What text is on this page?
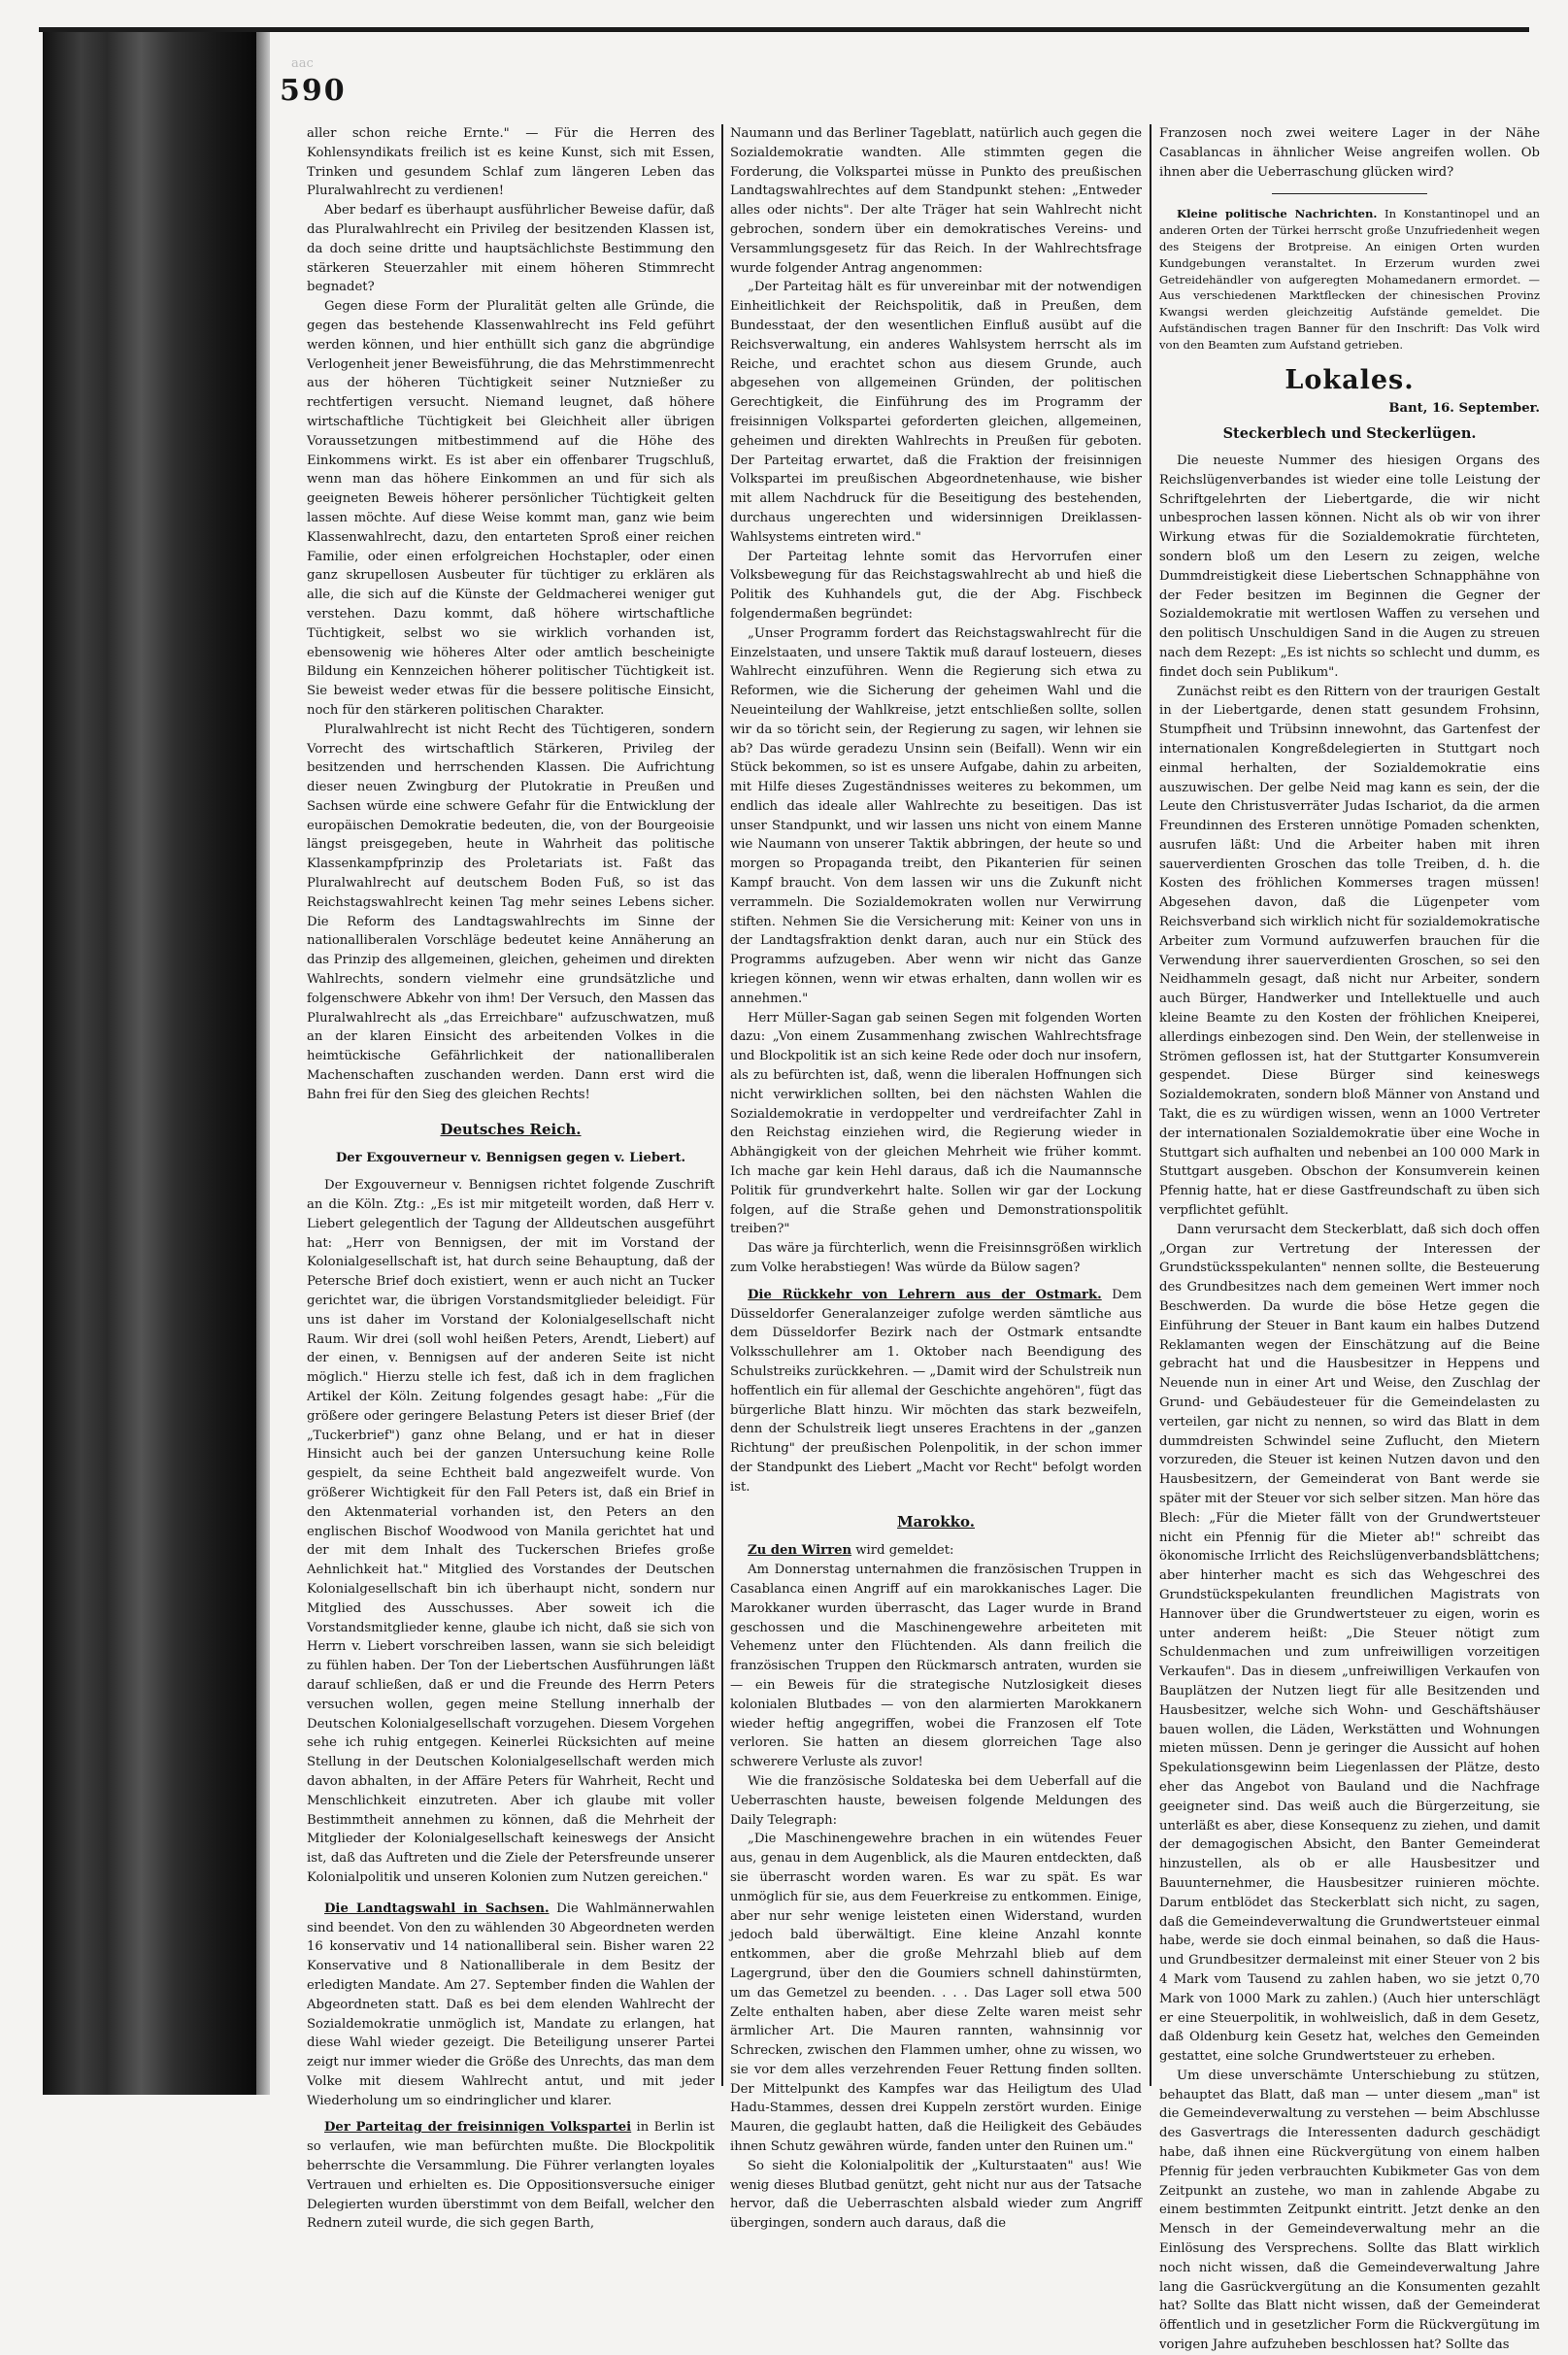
aac
590

aller schon reiche Ernte." — Für die Herren des Kohlensyndikats freilich ist es keine Kunst, sich mit Essen, Trinken und gesundem Schlaf zum längeren Leben das Pluralwahlrecht zu verdienen!

Aber bedarf es überhaupt ausführlicher Beweise dafür, daß das Pluralwahlrecht ein Privileg der besitzenden Klassen ist, da doch seine dritte und hauptsächlichste Bestimmung den stärkeren Steuerzahler mit einem höheren Stimmrecht begnadet?

Gegen diese Form der Pluralität gelten alle Gründe, die gegen das bestehende Klassenwahlrecht ins Feld geführt werden können, und hier enthüllt sich ganz die abgründige Verlogenheit jener Beweisführung, die das Mehrstimmenrecht aus der höheren Tüchtigkeit seiner Nutznießer zu rechtfertigen versucht. Niemand leugnet, daß höhere wirtschaftliche Tüchtigkeit bei Gleichheit aller übrigen Voraussetzungen mitbestimmend auf die Höhe des Einkommens wirkt. Es ist aber ein offenbarer Trugschluß, wenn man das höhere Einkommen an und für sich als geeigneten Beweis höherer persönlicher Tüchtigkeit gelten lassen möchte. Auf diese Weise kommt man, ganz wie beim Klassenwahlrecht, dazu, den entarteten Sproß einer reichen Familie, oder einen erfolgreichen Hochstapler, oder einen ganz skrupellosen Ausbeuter für tüchtiger zu erklären als alle, die sich auf die Künste der Geldmacherei weniger gut verstehen. Dazu kommt, daß höhere wirtschaftliche Tüchtigkeit, selbst wo sie wirklich vorhanden ist, ebensowenig wie höheres Alter oder amtlich bescheinigte Bildung ein Kennzeichen höherer politischer Tüchtigkeit ist. Sie beweist weder etwas für die bessere politische Einsicht, noch für den stärkeren politischen Charakter.

Pluralwahlrecht ist nicht Recht des Tüchtigeren, sondern Vorrecht des wirtschaftlich Stärkeren, Privileg der besitzenden und herrschenden Klassen. Die Aufrichtung dieser neuen Zwingburg der Plutokratie in Preußen und Sachsen würde eine schwere Gefahr für die Entwicklung der europäischen Demokratie bedeuten, die, von der Bourgeoisie längst preisgegeben, heute in Wahrheit das politische Klassenkampfprinzip des Proletariats ist. Faßt das Pluralwahlrecht auf deutschem Boden Fuß, so ist das Reichstagswahlrecht keinen Tag mehr seines Lebens sicher. Die Reform des Landtagswahlrechts im Sinne der nationalliberalen Vorschläge bedeutet keine Annäherung an das Prinzip des allgemeinen, gleichen, geheimen und direkten Wahlrechts, sondern vielmehr eine grundsätzliche und folgenschwere Abkehr von ihm! Der Versuch, den Massen das Pluralwahlrecht als „das Erreichbare" aufzuschwatzen, muß an der klaren Einsicht des arbeitenden Volkes in die heimtückische Gefährlichkeit der nationalliberalen Machenschaften zuschanden werden. Dann erst wird die Bahn frei für den Sieg des gleichen Rechts!

Deutsches Reich.
Der Exgouverneur v. Bennigsen gegen v. Liebert.

Der Exgouverneur v. Bennigsen richtet folgende Zuschrift an die Köln. Ztg.: „Es ist mir mitgeteilt worden, daß Herr v. Liebert gelegentlich der Tagung der Alldeutschen ausgeführt hat: „Herr von Bennigsen, der mit im Vorstand der Kolonialgesellschaft ist, hat durch seine Behauptung, daß der Petersche Brief doch existiert, wenn er auch nicht an Tucker gerichtet war, die übrigen Vorstandsmitglieder beleidigt. Für uns ist daher im Vorstand der Kolonialgesellschaft nicht Raum. Wir drei (soll wohl heißen Peters, Arendt, Liebert) auf der einen, v. Bennigsen auf der anderen Seite ist nicht möglich." Hierzu stelle ich fest, daß ich in dem fraglichen Artikel der Köln. Zeitung folgendes gesagt habe: „Für die größere oder geringere Belastung Peters ist dieser Brief (der „Tuckerbrief") ganz ohne Belang, und er hat in dieser Hinsicht auch bei der ganzen Untersuchung keine Rolle gespielt, da seine Echtheit bald angezweifelt wurde. Von größerer Wichtigkeit für den Fall Peters ist, daß ein Brief in den Aktenmaterial vorhanden ist, den Peters an den englischen Bischof Woodwood von Manila gerichtet hat und der mit dem Inhalt des Tuckerschen Briefes große Aehnlichkeit hat." Mitglied des Vorstandes der Deutschen Kolonialgesellschaft bin ich überhaupt nicht, sondern nur Mitglied des Ausschusses. Aber soweit ich die Vorstandsmitglieder kenne, glaube ich nicht, daß sie sich von Herrn v. Liebert vorschreiben lassen, wann sie sich beleidigt zu fühlen haben. Der Ton der Liebertschen Ausführungen läßt darauf schließen, daß er und die Freunde des Herrn Peters versuchen wollen, gegen meine Stellung innerhalb der Deutschen Kolonialgesellschaft vorzugehen. Diesem Vorgehen sehe ich ruhig entgegen. Keinerlei Rücksichten auf meine Stellung in der Deutschen Kolonialgesellschaft werden mich davon abhalten, in der Affäre Peters für Wahrheit, Recht und Menschlichkeit einzutreten. Aber ich glaube mit voller Bestimmtheit annehmen zu können, daß die Mehrheit der Mitglieder der Kolonialgesellschaft keineswegs der Ansicht ist, daß das Auftreten und die Ziele der Petersfreunde unserer Kolonialpolitik und unseren Kolonien zum Nutzen gereichen."

Die Landtagswahl in Sachsen. Die Wahlmännerwahlen sind beendet. Von den zu wählenden 30 Abgeordneten werden 16 konservativ und 14 nationalliberal sein. Bisher waren 22 Konservative und 8 Nationalliberale in dem Besitz der erledigten Mandate. Am 27. September finden die Wahlen der Abgeordneten statt. Daß es bei dem elenden Wahlrecht der Sozialdemokratie unmöglich ist, Mandate zu erlangen, hat diese Wahl wieder gezeigt. Die Beteiligung unserer Partei zeigt nur immer wieder die Größe des Unrechts, das man dem Volke mit diesem Wahlrecht antut, und mit jeder Wiederholung um so eindringlicher und klarer.

Der Parteitag der freisinnigen Volkspartei in Berlin ist so verlaufen, wie man befürchten mußte. Die Blockpolitik beherrschte die Versammlung. Die Führer verlangten loyales Vertrauen und erhielten es. Die Oppositionsversuche einiger Delegierten wurden überstimmt von dem Beifall, welcher den Rednern zuteil wurde, die sich gegen Barth,

Naumann und das Berliner Tageblatt, natürlich auch gegen die Sozialdemokratie wandten. Alle stimmten gegen die Forderung, die Volkspartei müsse in Punkto des preußischen Landtagswahlrechtes auf dem Standpunkt stehen: „Entweder alles oder nichts". Der alte Träger hat sein Wahlrecht nicht gebrochen, sondern über ein demokratisches Vereins- und Versammlungsgesetz für das Reich. In der Wahlrechtsfrage wurde folgender Antrag angenommen:

„Der Parteitag hält es für unvereinbar mit der notwendigen Einheitlichkeit der Reichspolitik, daß in Preußen, dem Bundesstaat, der den wesentlichen Einfluß ausübt auf die Reichsverwaltung, ein anderes Wahlsystem herrscht als im Reiche, und erachtet schon aus diesem Grunde, auch abgesehen von allgemeinen Gründen, der politischen Gerechtigkeit, die Einführung des im Programm der freisinnigen Volkspartei geforderten gleichen, allgemeinen, geheimen und direkten Wahlrechts in Preußen für geboten. Der Parteitag erwartet, daß die Fraktion der freisinnigen Volkspartei im preußischen Abgeordnetenhause, wie bisher mit allem Nachdruck für die Beseitigung des bestehenden, durchaus ungerechten und widersinnigen Dreiklassen-Wahlsystems eintreten wird."

Der Parteitag lehnte somit das Hervorrufen einer Volksbewegung für das Reichstagswahlrecht ab und hieß die Politik des Kuhhandels gut, die der Abg. Fischbeck folgendermaßen begründet:

„Unser Programm fordert das Reichstagswahlrecht für die Einzelstaaten, und unsere Taktik muß darauf losteuern, dieses Wahlrecht einzuführen. Wenn die Regierung sich etwa zu Reformen, wie die Sicherung der geheimen Wahl und die Neueinteilung der Wahlkreise, jetzt entschließen sollte, sollen wir da so töricht sein, der Regierung zu sagen, wir lehnen sie ab? Das würde geradezu Unsinn sein (Beifall). Wenn wir ein Stück bekommen, so ist es unsere Aufgabe, dahin zu arbeiten, mit Hilfe dieses Zugeständnisses weiteres zu bekommen, um endlich das ideale aller Wahlrechte zu beseitigen. Das ist unser Standpunkt, und wir lassen uns nicht von einem Manne wie Naumann von unserer Taktik abbringen, der heute so und morgen so Propaganda treibt, den Pikanterien für seinen Kampf braucht. Von dem lassen wir uns die Zukunft nicht verrammeln. Die Sozialdemokraten wollen nur Verwirrung stiften. Nehmen Sie die Versicherung mit: Keiner von uns in der Landtagsfraktion denkt daran, auch nur ein Stück des Programms aufzugeben. Aber wenn wir nicht das Ganze kriegen können, wenn wir etwas erhalten, dann wollen wir es annehmen."

Herr Müller-Sagan gab seinen Segen mit folgenden Worten dazu: „Von einem Zusammenhang zwischen Wahlrechtsfrage und Blockpolitik ist an sich keine Rede oder doch nur insofern, als zu befürchten ist, daß, wenn die liberalen Hoffnungen sich nicht verwirklichen sollten, bei den nächsten Wahlen die Sozialdemokratie in verdoppelter und verdreifachter Zahl in den Reichstag einziehen wird, die Regierung wieder in Abhängigkeit von der gleichen Mehrheit wie früher kommt. Ich mache gar kein Hehl daraus, daß ich die Naumannsche Politik für grundverkehrt halte. Sollen wir gar der Lockung folgen, auf die Straße gehen und Demonstrationspolitik treiben?"

Das wäre ja fürchterlich, wenn die Freisinnsgrößen wirklich zum Volke herabstiegen! Was würde da Bülow sagen?

Die Rückkehr von Lehrern aus der Ostmark. Dem Düsseldorfer Generalanzeiger zufolge werden sämtliche aus dem Düsseldorfer Bezirk nach der Ostmark entsandte Volksschullehrer am 1. Oktober nach Beendigung des Schulstreiks zurückkehren. — „Damit wird der Schulstreik nun hoffentlich ein für allemal der Geschichte angehören", fügt das bürgerliche Blatt hinzu. Wir möchten das stark bezweifeln, denn der Schulstreik liegt unseres Erachtens in der „ganzen Richtung" der preußischen Polenpolitik, in der schon immer der Standpunkt des Liebert „Macht vor Recht" befolgt worden ist.

Marokko.

Zu den Wirren wird gemeldet:

Am Donnerstag unternahmen die französischen Truppen in Casablanca einen Angriff auf ein marokkanisches Lager. Die Marokkaner wurden überrascht, das Lager wurde in Brand geschossen und die Maschinengewehre arbeiteten mit Vehemenz unter den Flüchtenden. Als dann freilich die französischen Truppen den Rückmarsch antraten, wurden sie — ein Beweis für die strategische Nutzlosigkeit dieses kolonialen Blutbades — von den alarmierten Marokkanern wieder heftig angegriffen, wobei die Franzosen elf Tote verloren. Sie hatten an diesem glorreichen Tage also schwerere Verluste als zuvor!

Wie die französische Soldateska bei dem Ueberfall auf die Ueberraschten hauste, beweisen folgende Meldungen des Daily Telegraph:

„Die Maschinengewehre brachen in ein wütendes Feuer aus, genau in dem Augenblick, als die Mauren entdeckten, daß sie überrascht worden waren. Es war zu spät. Es war unmöglich für sie, aus dem Feuerkreise zu entkommen. Einige, aber nur sehr wenige leisteten einen Widerstand, wurden jedoch bald überwältigt. Eine kleine Anzahl konnte entkommen, aber die große Mehrzahl blieb auf dem Lagergrund, über den die Goumiers schnell dahinstürmten, um das Gemetzel zu beenden. . . . Das Lager soll etwa 500 Zelte enthalten haben, aber diese Zelte waren meist sehr ärmlicher Art. Die Mauren rannten, wahnsinnig vor Schrecken, zwischen den Flammen umher, ohne zu wissen, wo sie vor dem alles verzehrenden Feuer Rettung finden sollten. Der Mittelpunkt des Kampfes war das Heiligtum des Ulad Hadu-Stammes, dessen drei Kuppeln zerstört wurden. Einige Mauren, die geglaubt hatten, daß die Heiligkeit des Gebäudes ihnen Schutz gewähren würde, fanden unter den Ruinen um."

So sieht die Kolonialpolitik der „Kulturstaaten" aus! Wie wenig dieses Blutbad genützt, geht nicht nur aus der Tatsache hervor, daß die Ueberraschten alsbald wieder zum Angriff übergingen, sondern auch daraus, daß die

Franzosen noch zwei weitere Lager in der Nähe Casablancas in ähnlicher Weise angreifen wollen. Ob ihnen aber die Ueberraschung glücken wird?

Kleine politische Nachrichten. In Konstantinopel und an anderen Orten der Türkei herrscht große Unzufriedenheit wegen des Steigens der Brotpreise. An einigen Orten wurden Kundgebungen veranstaltet. In Erzerum wurden zwei Getreidehändler von aufgeregten Mohamedanern ermordet. — Aus verschiedenen Marktflecken der chinesischen Provinz Kwangsi werden gleichzeitig Aufstände gemeldet. Die Aufständischen tragen Banner für den Inschrift: Das Volk wird von den Beamten zum Aufstand getrieben.

Lokales.
Bant, 16. September.
Steckerblech und Steckerlügen.

Die neueste Nummer des hiesigen Organs des Reichslügenverbandes ist wieder eine tolle Leistung der Schriftgelehrten der Liebertgarde, die wir nicht unbesprochen lassen können. Nicht als ob wir von ihrer Wirkung etwas für die Sozialdemokratie fürchteten, sondern bloß um den Lesern zu zeigen, welche Dummdreistigkeit diese Liebertschen Schnapphähne von der Feder besitzen im Beginnen die Gegner der Sozialdemokratie mit wertlosen Waffen zu versehen und den politisch Unschuldigen Sand in die Augen zu streuen nach dem Rezept: „Es ist nichts so schlecht und dumm, es findet doch sein Publikum".

Zunächst reibt es den Rittern von der traurigen Gestalt in der Liebertgarde, denen statt gesundem Frohsinn, Stumpfheit und Trübsinn innewohnt, das Gartenfest der internationalen Kongreßdelegierten in Stuttgart noch einmal herhalten, der Sozialdemokratie eins auszuwischen. Der gelbe Neid mag kann es sein, der die Leute den Christusverräter Judas Ischariot, da die armen Freundinnen des Ersteren unnötige Pomaden schenkten, ausrufen läßt: Und die Arbeiter haben mit ihren sauerverdienten Groschen das tolle Treiben, d. h. die Kosten des fröhlichen Kommerses tragen müssen! Abgesehen davon, daß die Lügenpeter vom Reichsverband sich wirklich nicht für sozialdemokratische Arbeiter zum Vormund aufzuwerfen brauchen für die Verwendung ihrer sauerverdienten Groschen, so sei den Neidhammeln gesagt, daß nicht nur Arbeiter, sondern auch Bürger, Handwerker und Intellektuelle und auch kleine Beamte zu den Kosten der fröhlichen Kneiperei, allerdings einbezogen sind. Den Wein, der stellenweise in Strömen geflossen ist, hat der Stuttgarter Konsumverein gespendet. Diese Bürger sind keineswegs Sozialdemokraten, sondern bloß Männer von Anstand und Takt, die es zu würdigen wissen, wenn an 1000 Vertreter der internationalen Sozialdemokratie über eine Woche in Stuttgart sich aufhalten und nebenbei an 100 000 Mark in Stuttgart ausgeben. Obschon der Konsumverein keinen Pfennig hatte, hat er diese Gastfreundschaft zu üben sich verpflichtet gefühlt.

Dann verursacht dem Steckerblatt, daß sich doch offen „Organ zur Vertretung der Interessen der Grundstücksspekulanten" nennen sollte, die Besteuerung des Grundbesitzes nach dem gemeinen Wert immer noch Beschwerden. Da wurde die böse Hetze gegen die Einführung der Steuer in Bant kaum ein halbes Dutzend Reklamanten wegen der Einschätzung auf die Beine gebracht hat und die Hausbesitzer in Heppens und Neuende nun in einer Art und Weise, den Zuschlag der Grund- und Gebäudesteuer für die Gemeindelasten zu verteilen, gar nicht zu nennen, so wird das Blatt in dem dummdreisten Schwindel seine Zuflucht, den Mietern vorzureden, die Steuer ist keinen Nutzen davon und den Hausbesitzern, der Gemeinderat von Bant werde sie später mit der Steuer vor sich selber sitzen. Man höre das Blech: „Für die Mieter fällt von der Grundwertsteuer nicht ein Pfennig für die Mieter ab!" schreibt das ökonomische Irrlicht des Reichslügenverbandsblättchens; aber hinterher macht es sich das Wehgeschrei des Grundstückspekulanten freundlichen Magistrats von Hannover über die Grundwertsteuer zu eigen, worin es unter anderem heißt: „Die Steuer nötigt zum Schuldenmachen und zum unfreiwilligen vorzeitigen Verkaufen". Das in diesem „unfreiwilligen Verkaufen von Bauplätzen der Nutzen liegt für alle Besitzenden und Hausbesitzer, welche sich Wohn- und Geschäftshäuser bauen wollen, die Läden, Werkstätten und Wohnungen mieten müssen. Denn je geringer die Aussicht auf hohen Spekulationsgewinn beim Liegenlassen der Plätze, desto eher das Angebot von Bauland und die Nachfrage geeigneter sind. Das weiß auch die Bürgerzeitung, sie unterläßt es aber, diese Konsequenz zu ziehen, und damit der demagogischen Absicht, den Banter Gemeinderat hinzustellen, als ob er alle Hausbesitzer und Bauunternehmer, die Hausbesitzer ruinieren möchte. Darum entblödet das Steckerblatt sich nicht, zu sagen, daß die Gemeindeverwaltung die Grundwertsteuer einmal habe, werde sie doch einmal beinahen, so daß die Haus- und Grundbesitzer dermaleinst mit einer Steuer von 2 bis 4 Mark vom Tausend zu zahlen haben, wo sie jetzt 0,70 Mark von 1000 Mark zu zahlen.) (Auch hier unterschlägt er eine Steuerpolitik, in wohlweislich, daß in dem Gesetz, daß Oldenburg kein Gesetz hat, welches den Gemeinden gestattet, eine solche Grundwertsteuer zu erheben.

Um diese unverschämte Unterschiebung zu stützen, behauptet das Blatt, daß man — unter diesem „man" ist die Gemeindeverwaltung zu verstehen — beim Abschlusse des Gasvertrags die Interessenten dadurch geschädigt habe, daß ihnen eine Rückvergütung von einem halben Pfennig für jeden verbrauchten Kubikmeter Gas von dem Zeitpunkt an zustehe, wo man in zahlende Abgabe zu einem bestimmten Zeitpunkt eintritt. Jetzt denke an den Mensch in der Gemeindeverwaltung mehr an die Einlösung des Versprechens. Sollte das Blatt wirklich noch nicht wissen, daß die Gemeindeverwaltung Jahre lang die Gasrückvergütung an die Konsumenten gezahlt hat? Sollte das Blatt nicht wissen, daß der Gemeinderat öffentlich und in gesetzlicher Form die Rückvergütung im vorigen Jahre aufzuheben beschlossen hat? Sollte das
